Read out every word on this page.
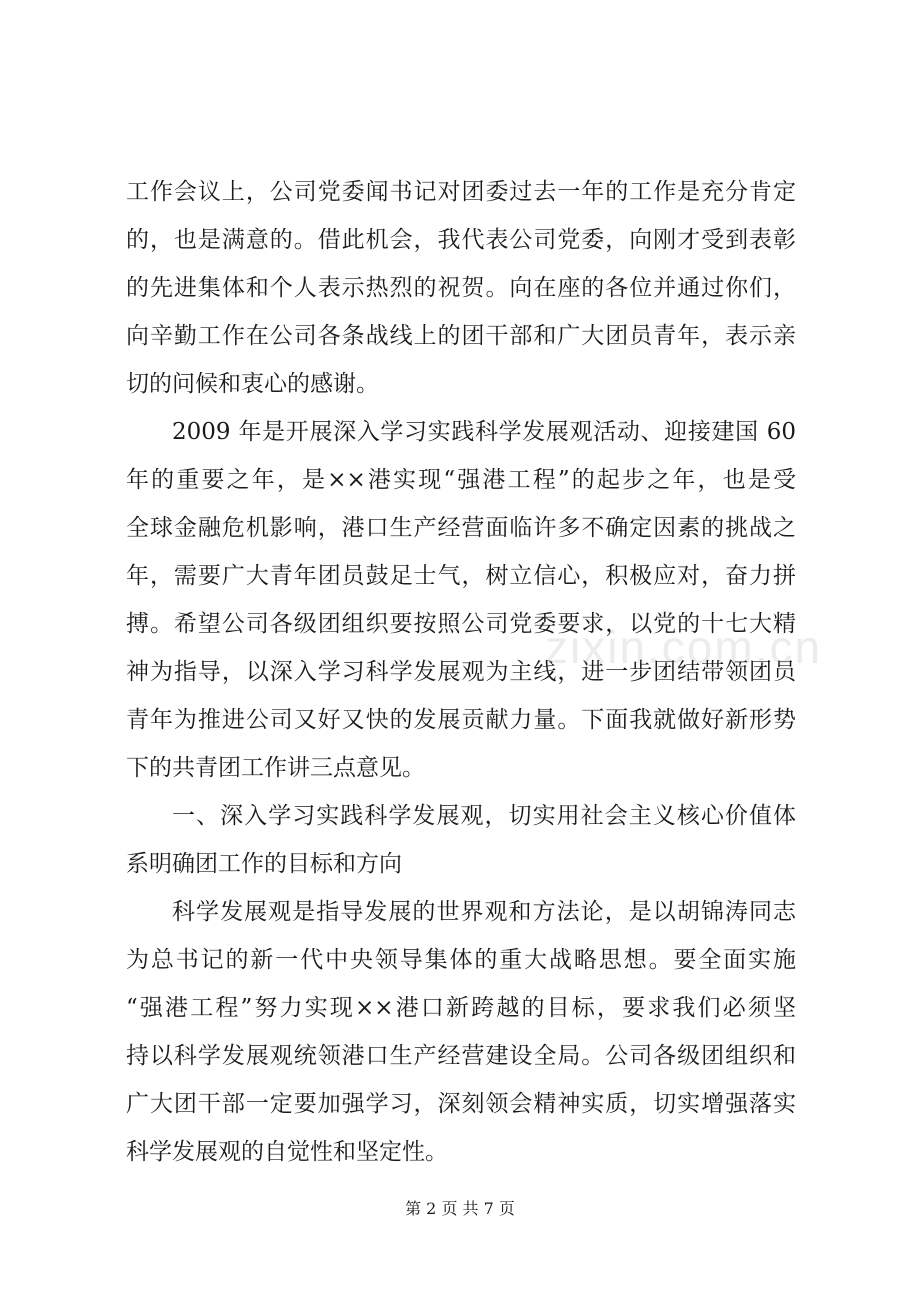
工作会议上，公司党委闻书记对团委过去一年的工作是充分肯定
的，也是满意的。借此机会，我代表公司党委，向刚才受到表彰
的先进集体和个人表示热烈的祝贺。向在座的各位并通过你们，
向辛勤工作在公司各条战线上的团干部和广大团员青年，表示亲
切的问候和衷心的感谢。
2009 年是开展深入学习实践科学发展观活动、迎接建国 60
年的重要之年，是××港实现“强港工程”的起步之年，也是受
全球金融危机影响，港口生产经营面临许多不确定因素的挑战之
年，需要广大青年团员鼓足士气，树立信心，积极应对，奋力拼
搏。希望公司各级团组织要按照公司党委要求，以党的十七大精
神为指导，以深入学习科学发展观为主线，进一步团结带领团员
青年为推进公司又好又快的发展贡献力量。下面我就做好新形势
下的共青团工作讲三点意见。
一、深入学习实践科学发展观，切实用社会主义核心价值体
系明确团工作的目标和方向
科学发展观是指导发展的世界观和方法论，是以胡锦涛同志
为总书记的新一代中央领导集体的重大战略思想。要全面实施
“强港工程”努力实现××港口新跨越的目标，要求我们必须坚
持以科学发展观统领港口生产经营建设全局。公司各级团组织和
广大团干部一定要加强学习，深刻领会精神实质，切实增强落实
科学发展观的自觉性和坚定性。
zixin.com.cn
第 2 页 共 7 页
